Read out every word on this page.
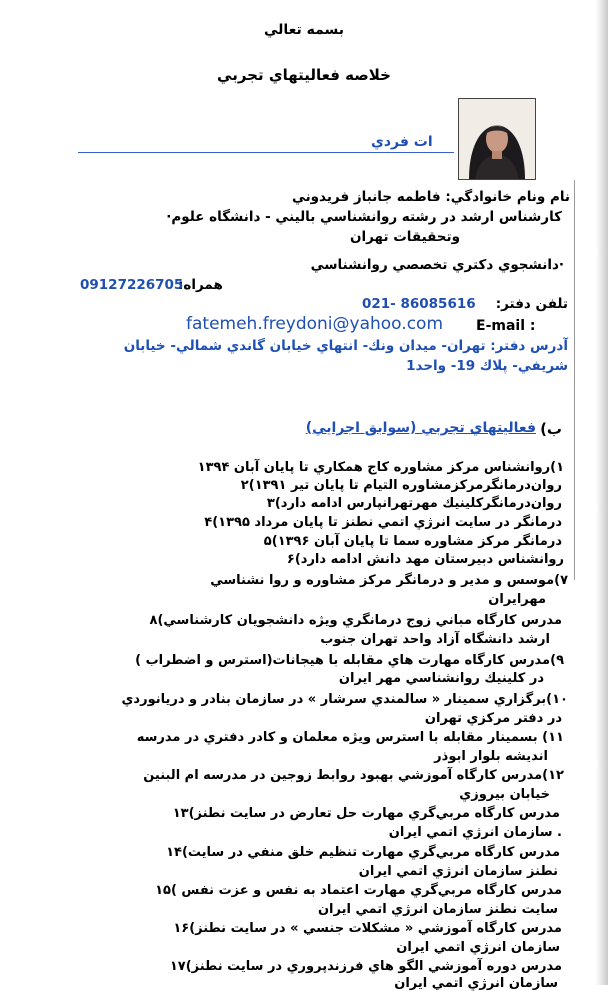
بسمه تعالي
خلاصه فعاليتهاي تجربي
ات فردي
نام ونام خانوادگي: فاطمه جانباز فريدوني
كارشناس ارشد در رشته روانشناسي باليني - دانشگاه علوم·
وتحقيقات تهران
·دانشجوي دكتري تخصصي روانشناسي
همراه:
09127226705
تلفن دفتر:
021- 86085616
E-mail :
fatemeh.freydoni@yahoo.com
آدرس دفتر: تهران- ميدان ونك- انتهاي خيابان گاندي شمالي- خيابان
شريفي- پلاك 19- واحد1
ب)
فعاليتهاي تجربي (سوابق اجرايي)
۱)روانشناس مركز مشاوره كاج همكاري تا پايان آبان ۱۳۹۴
روان‌درمانگرمركزمشاوره التيام تا پايان تير ۱۳۹۱)۲
روان‌درمانگركلينيك مهرتهرانپارس ادامه دارد)۳
درمانگر در سايت انرژي اتمي نطنز تا پايان مرداد ۱۳۹۵)۴
درمانگر مركز مشاوره سما تا پايان آبان ۱۳۹۶)۵
روانشناس دبيرستان مهد دانش ادامه دارد)۶
۷)موسس و مدير و درمانگر مركز مشاوره و روا نشناسي
مهرايران
مدرس كارگاه مباني زوج درمانگري ويژه دانشجويان كارشناسي)۸
ارشد دانشگاه آزاد واحد تهران جنوب
۹)مدرس كارگاه مهارت هاي مقابله با هيجانات(استرس و اضطراب )
در كلينيك روانشناسي مهر ايران
۱۰)برگزاري سمينار « سالمندي سرشار » در سازمان بنادر و دريانوردي
در دفتر مركزي تهران
۱۱) بسمينار مقابله با استرس ويژه معلمان و كادر دفتري در مدرسه
انديشه بلوار ابوذر
۱۲)مدرس كارگاه آموزشي بهبود روابط زوجين در مدرسه ام البنين
خيابان بيروزي
مدرس كارگاه مربي‌گري مهارت حل تعارض در سايت نطنز)۱۳
. سازمان انرژي اتمي ايران
مدرس كارگاه مربي‌گري مهارت تنظيم خلق منفي در سايت)۱۴
نطنز سازمان انرژي اتمي ايران
مدرس كارگاه مربي‌گري مهارت اعتماد به نفس و عزت نفس )۱۵
سايت نطنز سازمان انرژي اتمي ايران
مدرس كارگاه آموزشي « مشكلات جنسي » در سايت نطنز)۱۶
سازمان انرژي اتمي ايران
مدرس دوره آموزشي الگو هاي فرزندپروري در سايت نطنز)۱۷
سازمان انرژي اتمي ايران
